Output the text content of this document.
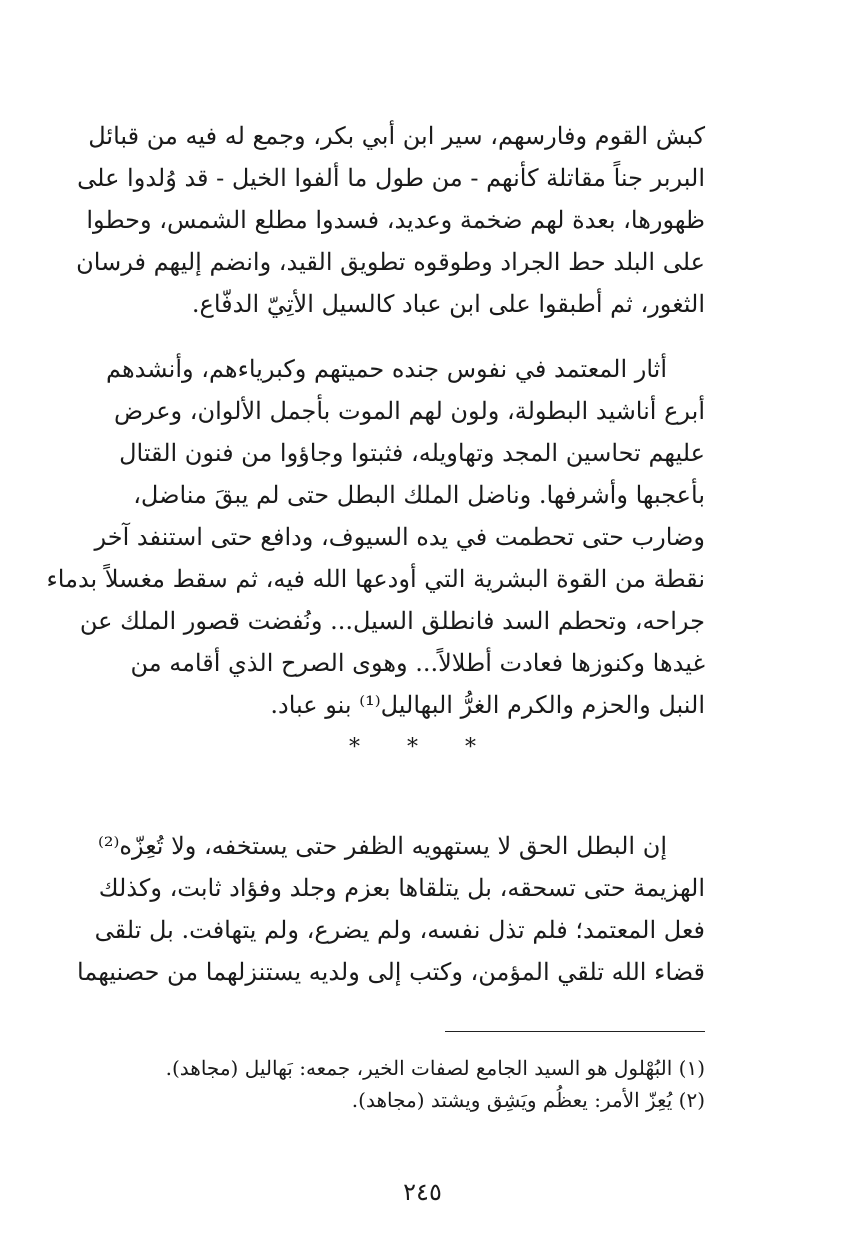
كبش القوم وفارسهم، سير ابن أبي بكر، وجمع له فيه من قبائل
البربر جناً مقاتلة كأنهم - من طول ما ألفوا الخيل - قد وُلدوا على
ظهورها، بعدة لهم ضخمة وعديد، فسدوا مطلع الشمس، وحطوا
على البلد حط الجراد وطوقوه تطويق القيد، وانضم إليهم فرسان
الثغور، ثم أطبقوا على ابن عباد كالسيل الأتِيّ الدفّاع.
أثار المعتمد في نفوس جنده حميتهم وكبرياءهم، وأنشدهم
أبرع أناشيد البطولة، ولون لهم الموت بأجمل الألوان، وعرض
عليهم تحاسين المجد وتهاويله، فثبتوا وجاؤوا من فنون القتال
بأعجبها وأشرفها. وناضل الملك البطل حتى لم يبقَ مناضل،
وضارب حتى تحطمت في يده السيوف، ودافع حتى استنفد آخر
نقطة من القوة البشرية التي أودعها الله فيه، ثم سقط مغسلاً بدماء
جراحه، وتحطم السد فانطلق السيل... ونُفضت قصور الملك عن
غيدها وكنوزها فعادت أطلالاً... وهوى الصرح الذي أقامه من
النبل والحزم والكرم الغرُّ البهاليل⁽¹⁾ بنو عباد.
* * *
إن البطل الحق لا يستهويه الظفر حتى يستخفه، ولا تُعِزّه⁽²⁾
الهزيمة حتى تسحقه، بل يتلقاها بعزم وجلد وفؤاد ثابت، وكذلك
فعل المعتمد؛ فلم تذل نفسه، ولم يضرع، ولم يتهافت. بل تلقى
قضاء الله تلقي المؤمن، وكتب إلى ولديه يستنزلهما من حصنيهما
(١) البُهْلول هو السيد الجامع لصفات الخير، جمعه: بَهاليل (مجاهد).
(٢) يُعِزّ الأمر: يعظُم ويَشِق ويشتد (مجاهد).
٢٤٥
